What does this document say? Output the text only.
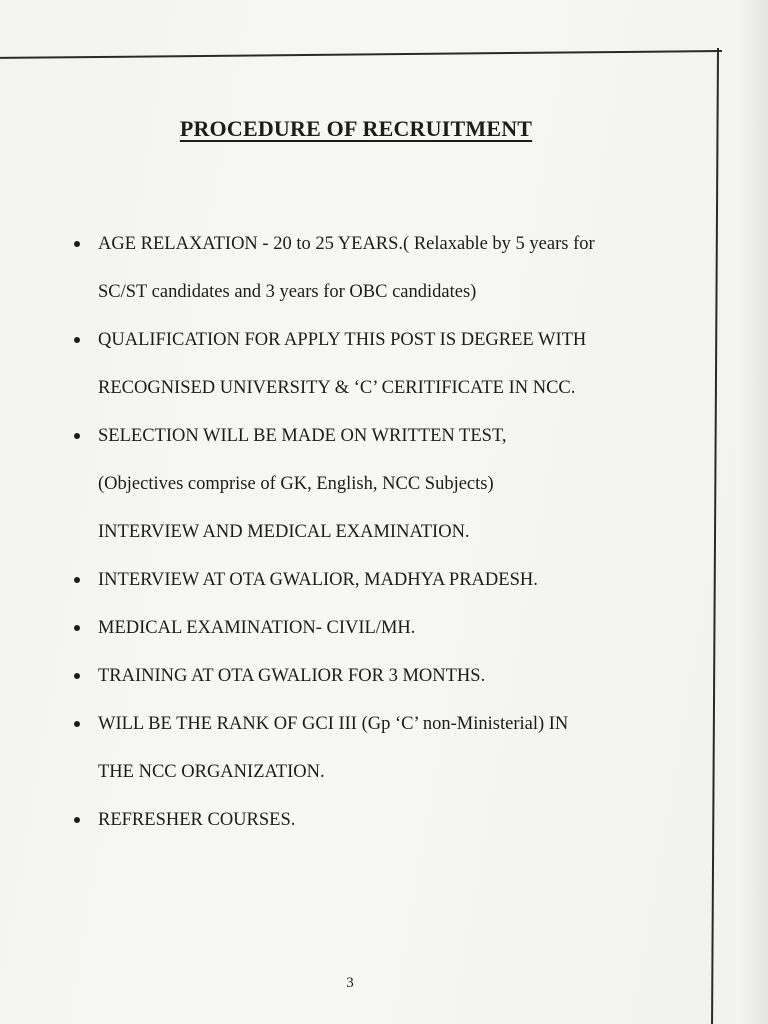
PROCEDURE OF RECRUITMENT
AGE RELAXATION - 20 to 25 YEARS.( Relaxable by 5 years for
SC/ST candidates and 3 years for OBC candidates)
QUALIFICATION FOR APPLY THIS POST IS DEGREE WITH
RECOGNISED UNIVERSITY & ‘C’ CERITIFICATE IN NCC.
SELECTION WILL BE MADE ON WRITTEN TEST,
(Objectives comprise of GK, English, NCC Subjects)
INTERVIEW AND MEDICAL EXAMINATION.
INTERVIEW AT OTA GWALIOR, MADHYA PRADESH.
MEDICAL EXAMINATION- CIVIL/MH.
TRAINING AT OTA GWALIOR FOR 3 MONTHS.
WILL BE THE RANK OF GCI III (Gp ‘C’ non-Ministerial) IN
THE NCC ORGANIZATION.
REFRESHER COURSES.
3
